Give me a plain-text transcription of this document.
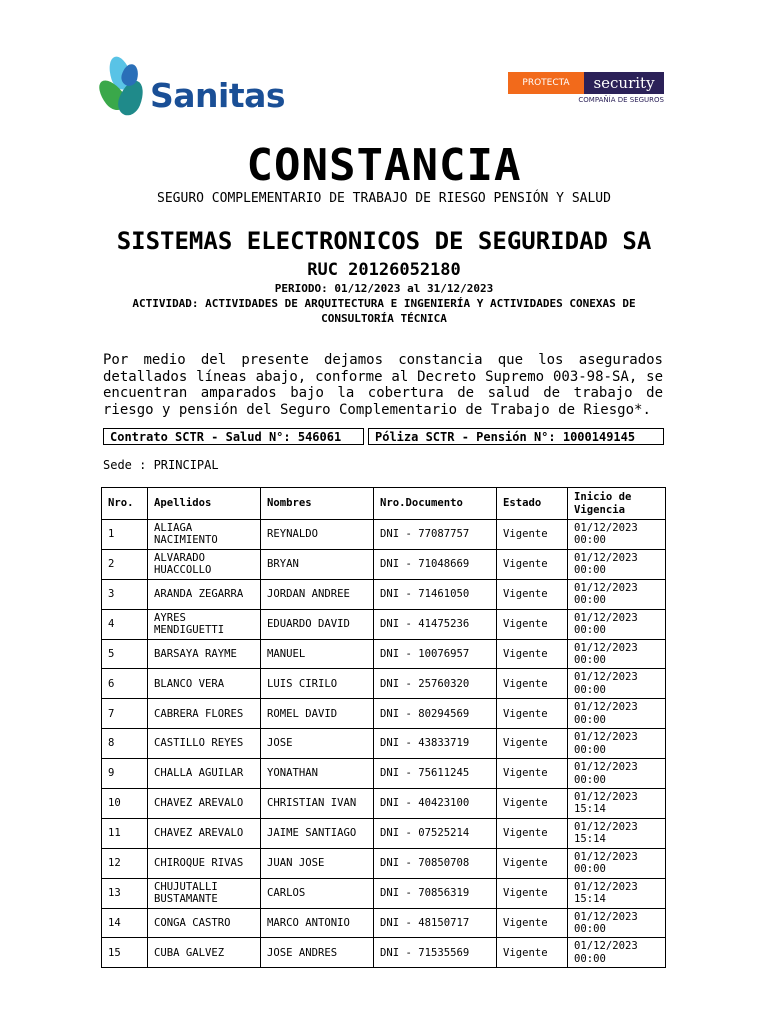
Sanitas	PROTECTA	security
COMPAÑÍA DE SEGUROS
CONSTANCIA
SEGURO COMPLEMENTARIO DE TRABAJO DE RIESGO PENSIÓN Y SALUD
SISTEMAS ELECTRONICOS DE SEGURIDAD SA
RUC 20126052180
PERIODO: 01/12/2023 al 31/12/2023
ACTIVIDAD: ACTIVIDADES DE ARQUITECTURA E INGENIERÍA Y ACTIVIDADES CONEXAS DE CONSULTORÍA TÉCNICA
Por medio del presente dejamos constancia que los asegurados detallados líneas abajo, conforme al Decreto Supremo 003-98-SA, se encuentran amparados bajo la cobertura de salud de trabajo de riesgo y pensión del Seguro Complementario de Trabajo de Riesgo*.
Contrato SCTR - Salud N°: 546061	Póliza SCTR - Pensión N°: 1000149145
Sede : PRINCIPAL
Nro.	Apellidos	Nombres	Nro.Documento	Estado	Inicio de Vigencia
1	ALIAGA NACIMIENTO	REYNALDO	DNI - 77087757	Vigente	01/12/2023 00:00
2	ALVARADO HUACCOLLO	BRYAN	DNI - 71048669	Vigente	01/12/2023 00:00
3	ARANDA ZEGARRA	JORDAN ANDREE	DNI - 71461050	Vigente	01/12/2023 00:00
4	AYRES MENDIGUETTI	EDUARDO DAVID	DNI - 41475236	Vigente	01/12/2023 00:00
5	BARSAYA RAYME	MANUEL	DNI - 10076957	Vigente	01/12/2023 00:00
6	BLANCO VERA	LUIS CIRILO	DNI - 25760320	Vigente	01/12/2023 00:00
7	CABRERA FLORES	ROMEL DAVID	DNI - 80294569	Vigente	01/12/2023 00:00
8	CASTILLO REYES	JOSE	DNI - 43833719	Vigente	01/12/2023 00:00
9	CHALLA AGUILAR	YONATHAN	DNI - 75611245	Vigente	01/12/2023 00:00
10	CHAVEZ AREVALO	CHRISTIAN IVAN	DNI - 40423100	Vigente	01/12/2023 15:14
11	CHAVEZ AREVALO	JAIME SANTIAGO	DNI - 07525214	Vigente	01/12/2023 15:14
12	CHIROQUE RIVAS	JUAN JOSE	DNI - 70850708	Vigente	01/12/2023 00:00
13	CHUJUTALLI BUSTAMANTE	CARLOS	DNI - 70856319	Vigente	01/12/2023 15:14
14	CONGA CASTRO	MARCO ANTONIO	DNI - 48150717	Vigente	01/12/2023 00:00
15	CUBA GALVEZ	JOSE ANDRES	DNI - 71535569	Vigente	01/12/2023 00:00
